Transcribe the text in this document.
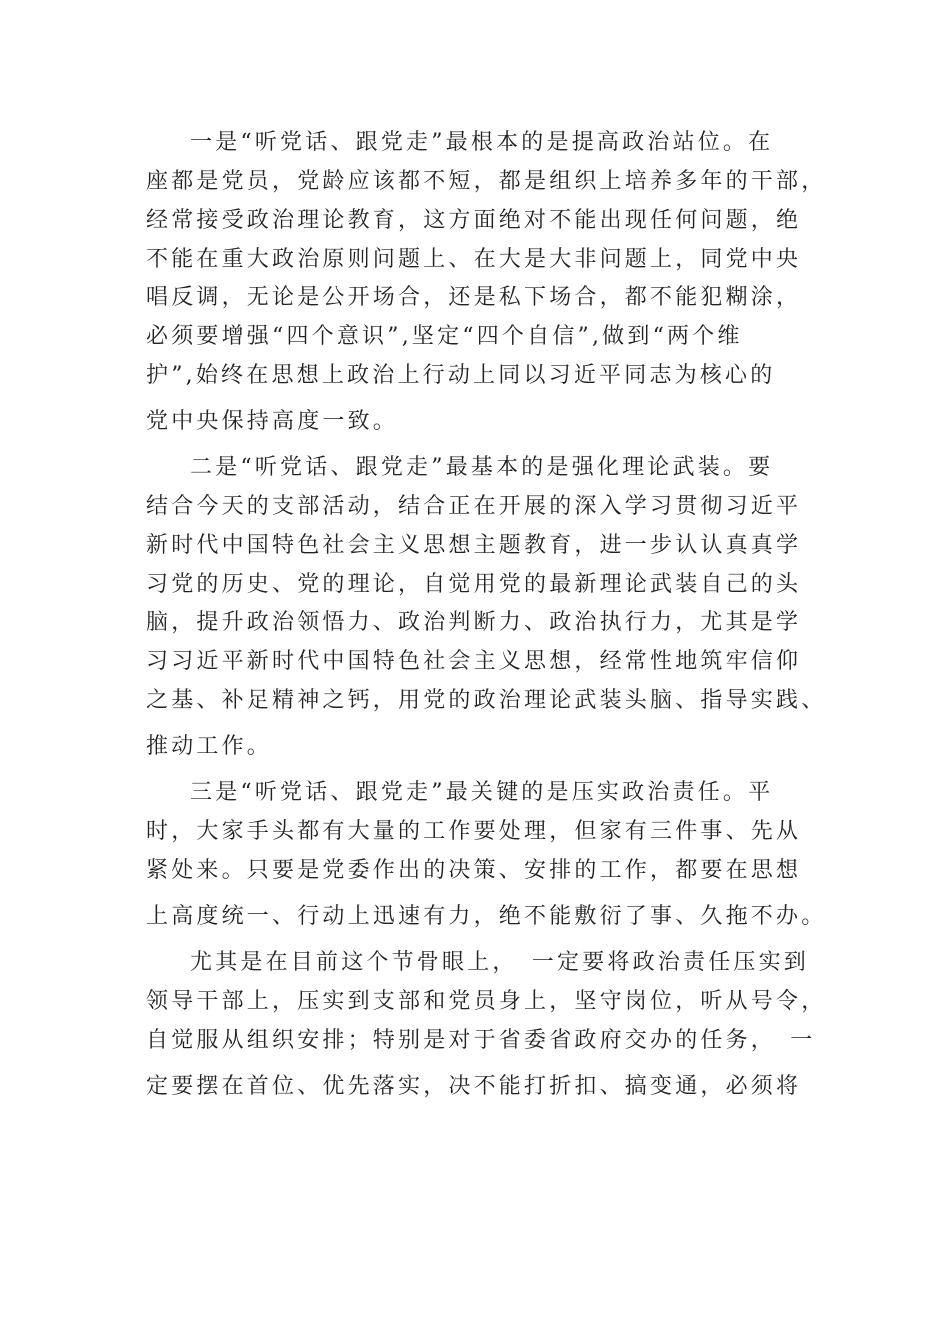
一是“听党话、跟党走”最根本的是提高政治站位。在
座都是党员，党龄应该都不短，都是组织上培养多年的干部，
经常接受政治理论教育，这方面绝对不能出现任何问题，绝
不能在重大政治原则问题上、在大是大非问题上，同党中央
唱反调，无论是公开场合，还是私下场合，都不能犯糊涂，
必须要增强“四个意识”,坚定“四个自信”,做到“两个维
护”,始终在思想上政治上行动上同以习近平同志为核心的
党中央保持高度一致。
二是“听党话、跟党走”最基本的是强化理论武装。要
结合今天的支部活动，结合正在开展的深入学习贯彻习近平
新时代中国特色社会主义思想主题教育，进一步认认真真学
习党的历史、党的理论，自觉用党的最新理论武装自己的头
脑，提升政治领悟力、政治判断力、政治执行力，尤其是学
习习近平新时代中国特色社会主义思想，经常性地筑牢信仰
之基、补足精神之钙，用党的政治理论武装头脑、指导实践、
推动工作。
三是“听党话、跟党走”最关键的是压实政治责任。平
时，大家手头都有大量的工作要处理，但家有三件事、先从
紧处来。只要是党委作出的决策、安排的工作，都要在思想
上高度统一、行动上迅速有力，绝不能敷衍了事、久拖不办。
尤其是在目前这个节骨眼上，　一定要将政治责任压实到
领导干部上，压实到支部和党员身上，坚守岗位，听从号令，
自觉服从组织安排；特别是对于省委省政府交办的任务，　一
定要摆在首位、优先落实，决不能打折扣、搞变通，必须将
